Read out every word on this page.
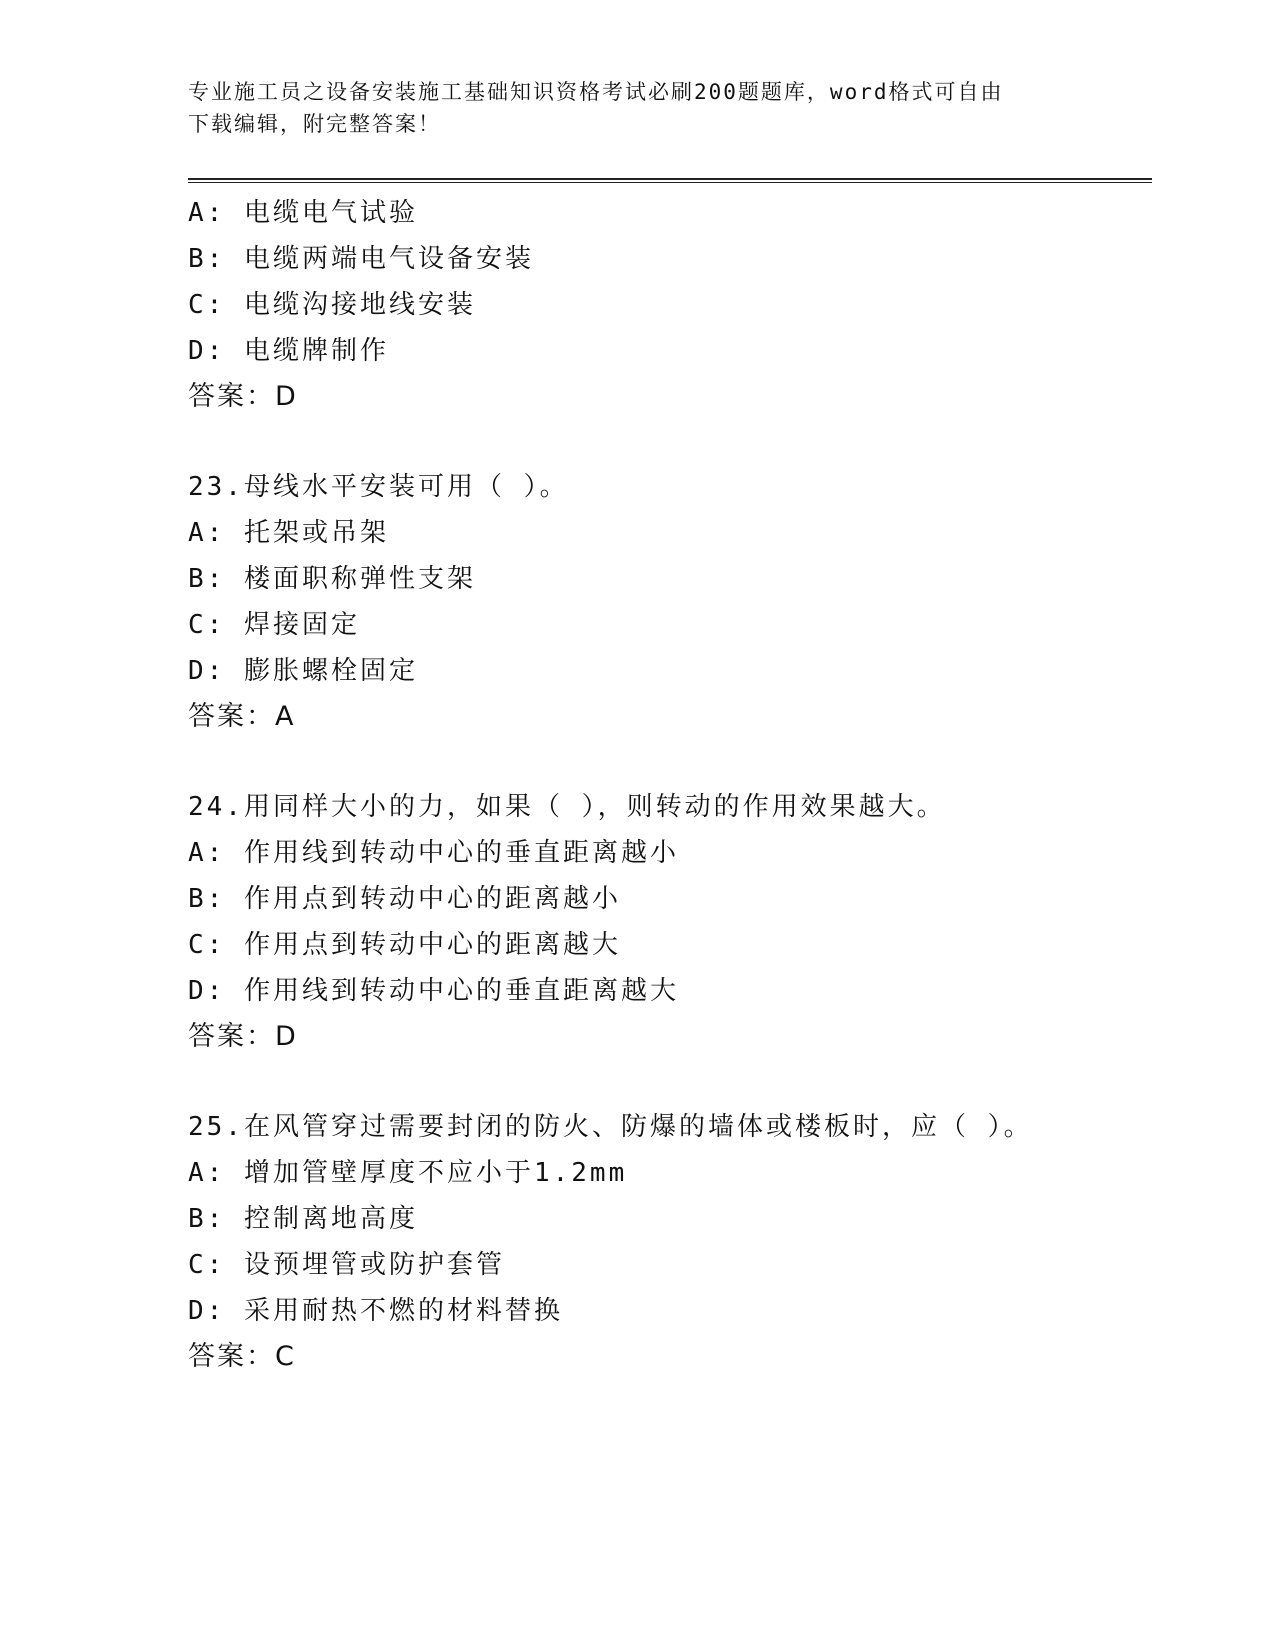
专业施工员之设备安装施工基础知识资格考试必刷200题题库，word格式可自由
下载编辑，附完整答案！
A: 电缆电气试验
B: 电缆两端电气设备安装
C: 电缆沟接地线安装
D: 电缆牌制作
答案：D
23.母线水平安装可用（ ）。
A: 托架或吊架
B: 楼面职称弹性支架
C: 焊接固定
D: 膨胀螺栓固定
答案：A
24.用同样大小的力，如果（ ），则转动的作用效果越大。
A: 作用线到转动中心的垂直距离越小
B: 作用点到转动中心的距离越小
C: 作用点到转动中心的距离越大
D: 作用线到转动中心的垂直距离越大
答案：D
25.在风管穿过需要封闭的防火、防爆的墙体或楼板时，应（ ）。
A: 增加管壁厚度不应小于1.2mm
B: 控制离地高度
C: 设预埋管或防护套管
D: 采用耐热不燃的材料替换
答案：C
